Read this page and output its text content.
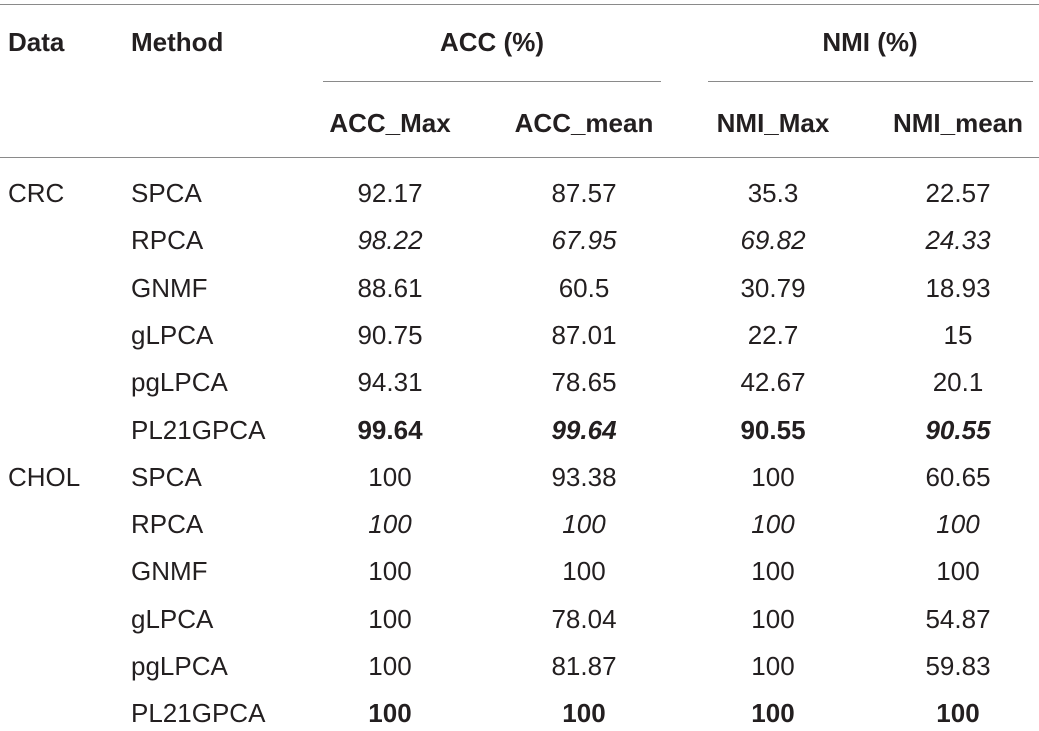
Data	Method	ACC (%)	NMI (%)
ACC_Max ACC_mean NMI_Max NMI_mean
CRC	SPCA	92.17	87.57	35.3	22.57
RPCA	98.22	67.95	69.82	24.33
GNMF	88.61	60.5	30.79	18.93
gLPCA	90.75	87.01	22.7	15
pgLPCA	94.31	78.65	42.67	20.1
PL21GPCA	99.64	99.64	90.55	90.55
CHOL SPCA	100	93.38	100	60.65
RPCA	100	100	100	100
GNMF	100	100	100	100
gLPCA	100	78.04	100	54.87
pgLPCA	100	81.87	100	59.83
PL21GPCA	100	100	100	100
